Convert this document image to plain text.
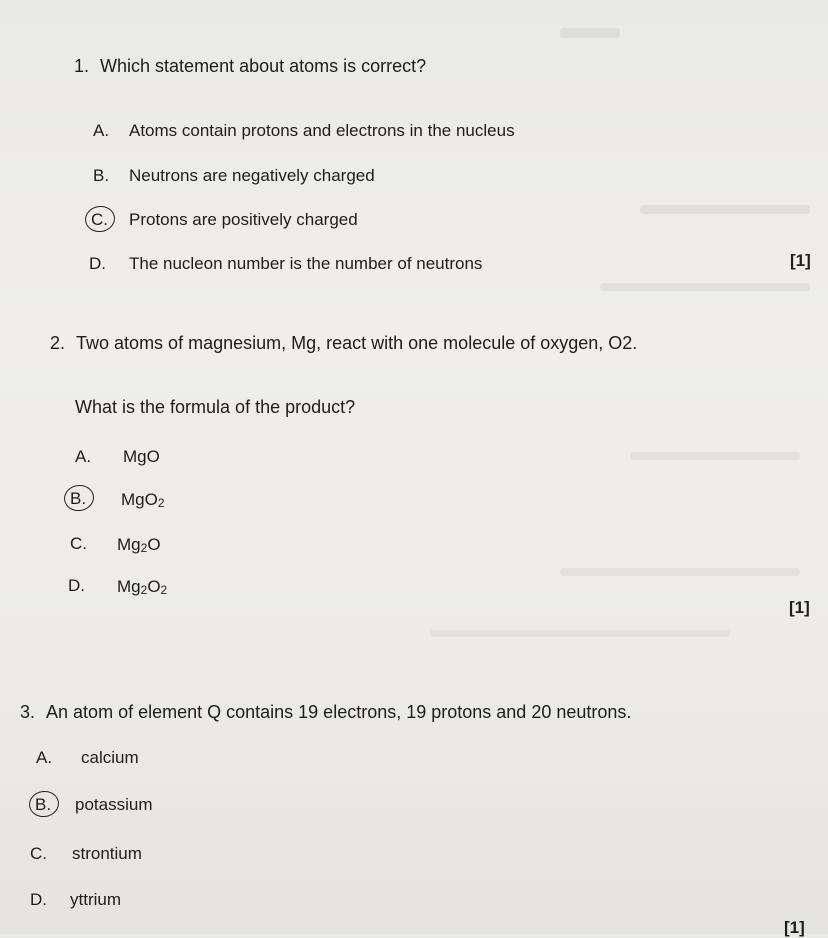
1. Which statement about atoms is correct?
A. Atoms contain protons and electrons in the nucleus
B. Neutrons are negatively charged
C. Protons are positively charged
D. The nucleon number is the number of neutrons	[1]
2. Two atoms of magnesium, Mg, react with one molecule of oxygen, O2.
What is the formula of the product?
A. MgO
B. MgO$_2$
C. $Mg_2O$
D. $Mg_2O_2$
[1]
3. An atom of element Q contains 19 electrons, 19 protons and 20 neutrons.
A. calcium
B. potassium
C. strontium
D. yttrium
[1]
